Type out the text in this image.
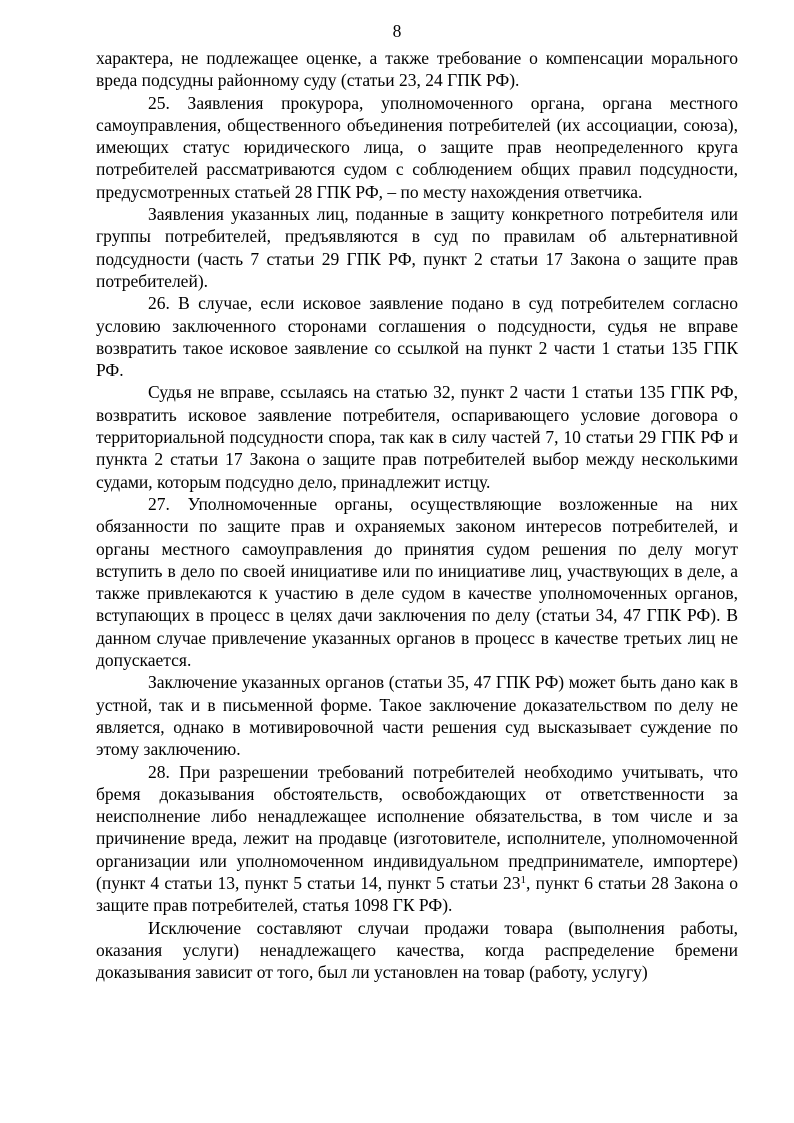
8

характера, не подлежащее оценке, а также требование о компенсации морального вреда подсудны районному суду (статьи 23, 24 ГПК РФ).

25. Заявления прокурора, уполномоченного органа, органа местного самоуправления, общественного объединения потребителей (их ассоциации, союза), имеющих статус юридического лица, о защите прав неопределенного круга потребителей рассматриваются судом с соблюдением общих правил подсудности, предусмотренных статьей 28 ГПК РФ, – по месту нахождения ответчика.

Заявления указанных лиц, поданные в защиту конкретного потребителя или группы потребителей, предъявляются в суд по правилам об альтернативной подсудности (часть 7 статьи 29 ГПК РФ, пункт 2 статьи 17 Закона о защите прав потребителей).

26. В случае, если исковое заявление подано в суд потребителем согласно условию заключенного сторонами соглашения о подсудности, судья не вправе возвратить такое исковое заявление со ссылкой на пункт 2 части 1 статьи 135 ГПК РФ.

Судья не вправе, ссылаясь на статью 32, пункт 2 части 1 статьи 135 ГПК РФ, возвратить исковое заявление потребителя, оспаривающего условие договора о территориальной подсудности спора, так как в силу частей 7, 10 статьи 29 ГПК РФ и пункта 2 статьи 17 Закона о защите прав потребителей выбор между несколькими судами, которым подсудно дело, принадлежит истцу.

27. Уполномоченные органы, осуществляющие возложенные на них обязанности по защите прав и охраняемых законом интересов потребителей, и органы местного самоуправления до принятия судом решения по делу могут вступить в дело по своей инициативе или по инициативе лиц, участвующих в деле, а также привлекаются к участию в деле судом в качестве уполномоченных органов, вступающих в процесс в целях дачи заключения по делу (статьи 34, 47 ГПК РФ). В данном случае привлечение указанных органов в процесс в качестве третьих лиц не допускается.

Заключение указанных органов (статьи 35, 47 ГПК РФ) может быть дано как в устной, так и в письменной форме. Такое заключение доказательством по делу не является, однако в мотивировочной части решения суд высказывает суждение по этому заключению.

28. При разрешении требований потребителей необходимо учитывать, что бремя доказывания обстоятельств, освобождающих от ответственности за неисполнение либо ненадлежащее исполнение обязательства, в том числе и за причинение вреда, лежит на продавце (изготовителе, исполнителе, уполномоченной организации или уполномоченном индивидуальном предпринимателе, импортере) (пункт 4 статьи 13, пункт 5 статьи 14, пункт 5 статьи $23^1$, пункт 6 статьи 28 Закона о защите прав потребителей, статья 1098 ГК РФ).

Исключение составляют случаи продажи товара (выполнения работы, оказания услуги) ненадлежащего качества, когда распределение бремени доказывания зависит от того, был ли установлен на товар (работу, услугу)
